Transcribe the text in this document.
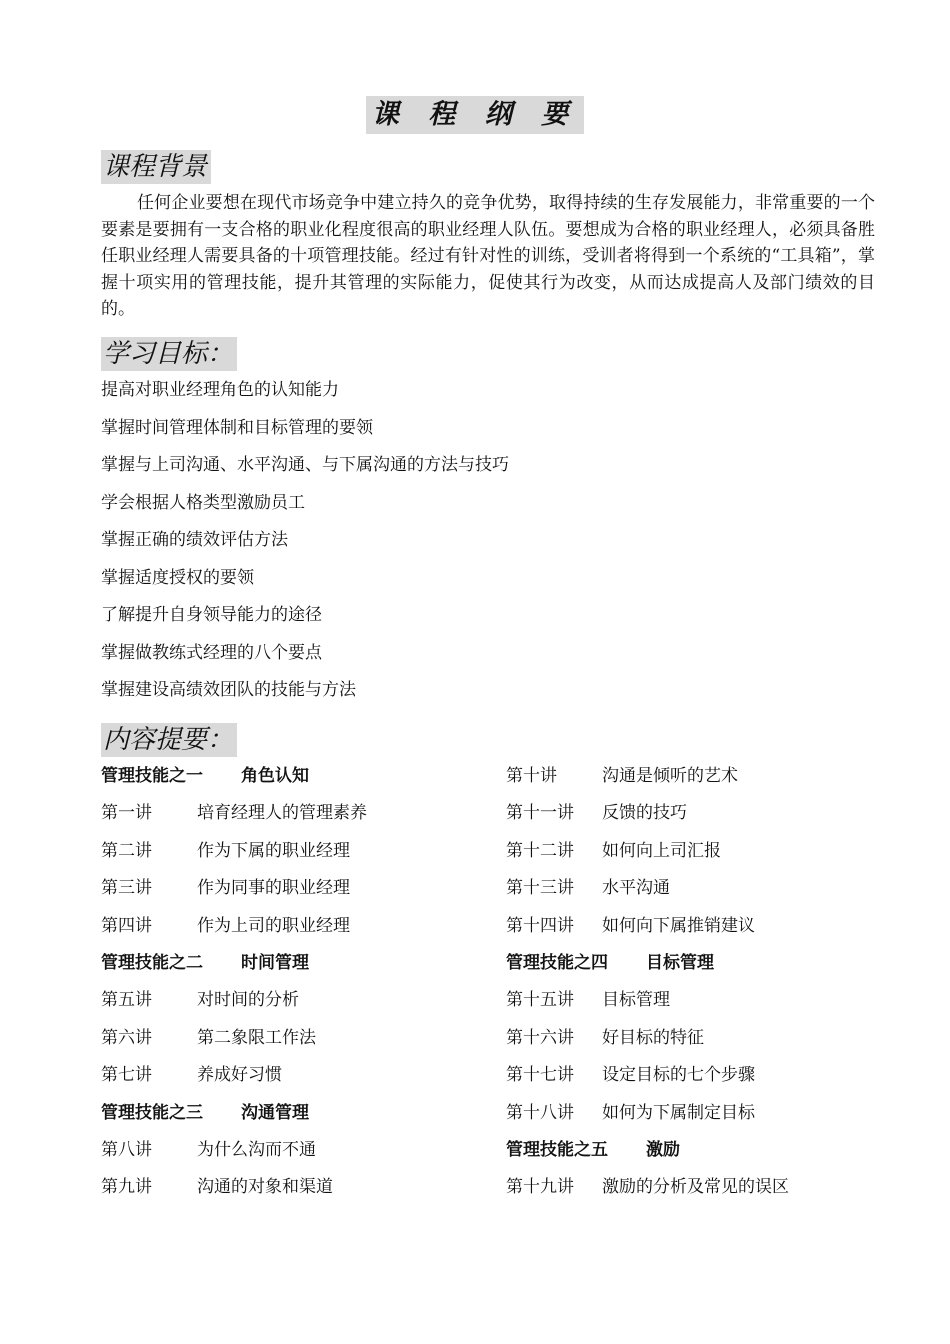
课 程 纲 要
课程背景

任何企业要想在现代市场竞争中建立持久的竞争优势，取得持续的生存发展能力，非常重要的一个要素是要拥有一支合格的职业化程度很高的职业经理人队伍。要想成为合格的职业经理人，必须具备胜任职业经理人需要具备的十项管理技能。经过有针对性的训练，受训者将得到一个系统的“工具箱”，掌握十项实用的管理技能，提升其管理的实际能力，促使其行为改变，从而达成提高人及部门绩效的目的。

学习目标：
提高对职业经理角色的认知能力
掌握时间管理体制和目标管理的要领
掌握与上司沟通、水平沟通、与下属沟通的方法与技巧
学会根据人格类型激励员工
掌握正确的绩效评估方法
掌握适度授权的要领
了解提升自身领导能力的途径
掌握做教练式经理的八个要点
掌握建设高绩效团队的技能与方法
内容提要：
管理技能之一 角色认知
第一讲	培育经理人的管理素养
第二讲	作为下属的职业经理
第三讲	作为同事的职业经理
第四讲	作为上司的职业经理
管理技能之二 时间管理
第五讲	对时间的分析
第六讲	第二象限工作法
第七讲	养成好习惯
管理技能之三 沟通管理
第八讲	为什么沟而不通
第九讲	沟通的对象和渠道
第十讲	沟通是倾听的艺术
第十一讲 反馈的技巧
第十二讲 如何向上司汇报
第十三讲 水平沟通
第十四讲 如何向下属推销建议
管理技能之四 目标管理
第十五讲 目标管理
第十六讲 好目标的特征
第十七讲 设定目标的七个步骤
第十八讲 如何为下属制定目标
管理技能之五 激励
第十九讲 激励的分析及常见的误区
